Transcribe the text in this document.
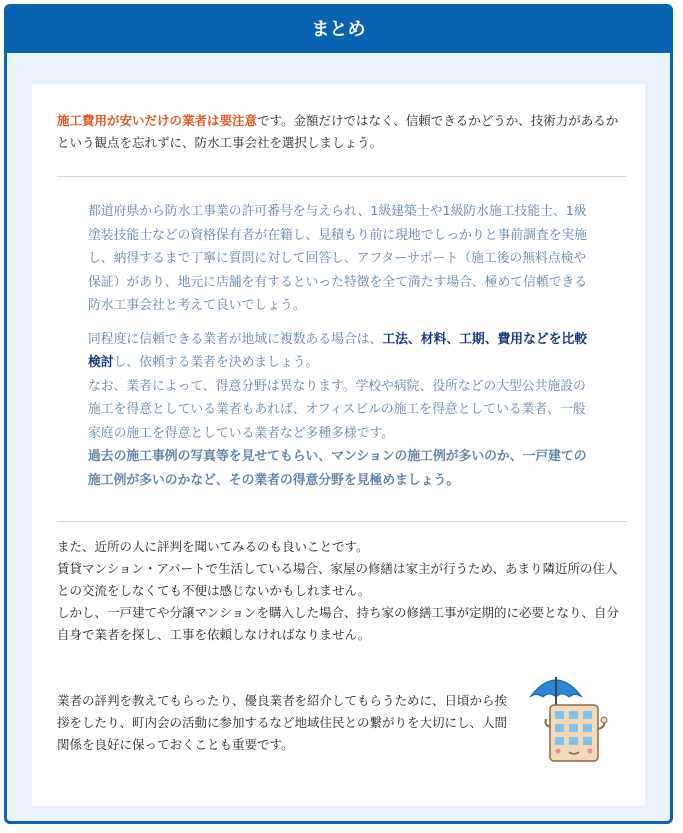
まとめ

施工費用が安いだけの業者は要注意です。金額だけではなく、信頼できるかどうか、技術力があるかという観点を忘れずに、防水工事会社を選択しましょう。

都道府県から防水工事業の許可番号を与えられ、1級建築士や1級防水施工技能士、1級塗装技能士などの資格保有者が在籍し、見積もり前に現地でしっかりと事前調査を実施し、納得するまで丁寧に質問に対して回答し、アフターサポート（施工後の無料点検や保証）があり、地元に店舗を有するといった特徴を全て満たす場合、極めて信頼できる防水工事会社と考えて良いでしょう。

同程度に信頼できる業者が地域に複数ある場合は、工法、材料、工期、費用などを比較検討し、依頼する業者を決めましょう。

なお、業者によって、得意分野は異なります。学校や病院、役所などの大型公共施設の施工を得意としている業者もあれば、オフィスビルの施工を得意としている業者、一般家庭の施工を得意としている業者など多種多様です。

過去の施工事例の写真等を見せてもらい、マンションの施工例が多いのか、一戸建ての施工例が多いのかなど、その業者の得意分野を見極めましょう。

また、近所の人に評判を聞いてみるのも良いことです。

賃貸マンション・アパートで生活している場合、家屋の修繕は家主が行うため、あまり隣近所の住人との交流をしなくても不便は感じないかもしれません。

しかし、一戸建てや分譲マンションを購入した場合、持ち家の修繕工事が定期的に必要となり、自分自身で業者を探し、工事を依頼しなければなりません。

業者の評判を教えてもらったり、優良業者を紹介してもらうために、日頃から挨拶をしたり、町内会の活動に参加するなど地域住民との繋がりを大切にし、人間関係を良好に保っておくことも重要です。
